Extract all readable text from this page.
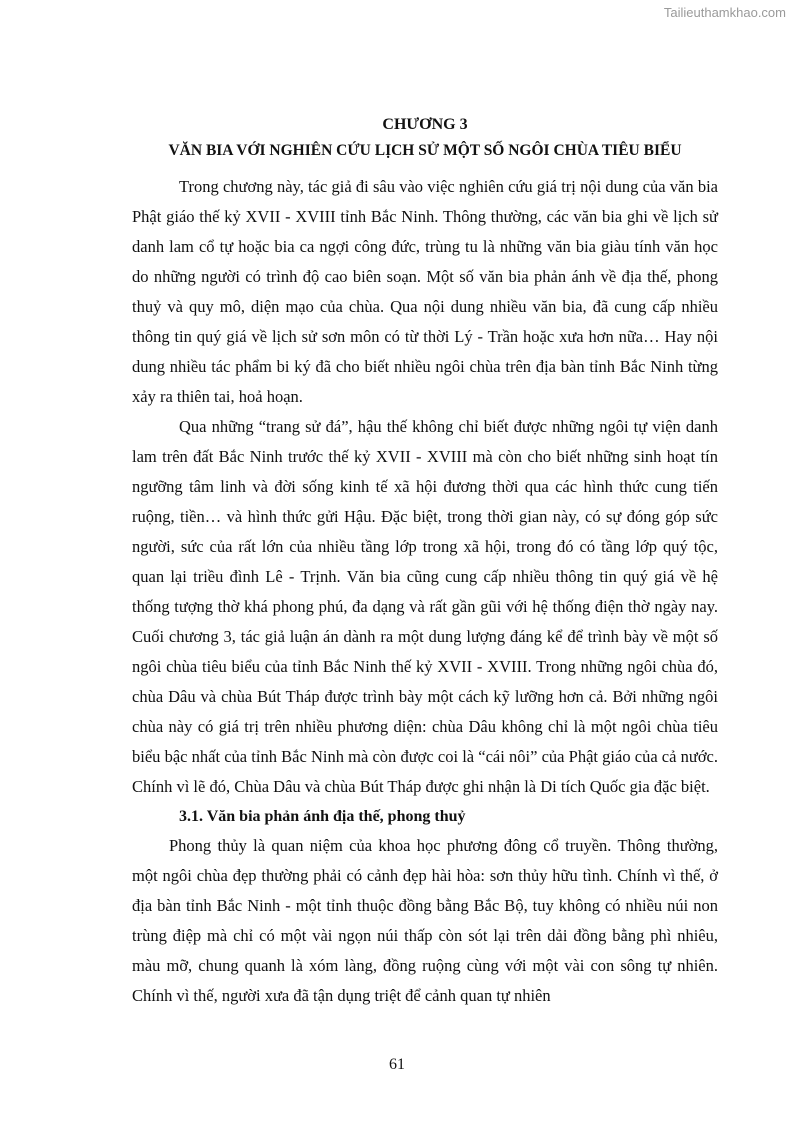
Tailieuthamkhao.com
CHƯƠNG 3
VĂN BIA VỚI NGHIÊN CỨU LỊCH SỬ MỘT SỐ NGÔI CHÙA TIÊU BIỂU

Trong chương này, tác giả đi sâu vào việc nghiên cứu giá trị nội dung của văn bia Phật giáo thế kỷ XVII - XVIII tỉnh Bắc Ninh. Thông thường, các văn bia ghi về lịch sử danh lam cổ tự hoặc bia ca ngợi công đức, trùng tu là những văn bia giàu tính văn học do những người có trình độ cao biên soạn. Một số văn bia phản ánh về địa thế, phong thuỷ và quy mô, diện mạo của chùa. Qua nội dung nhiều văn bia, đã cung cấp nhiều thông tin quý giá về lịch sử sơn môn có từ thời Lý - Trần hoặc xưa hơn nữa… Hay nội dung nhiều tác phẩm bi ký đã cho biết nhiều ngôi chùa trên địa bàn tỉnh Bắc Ninh từng xảy ra thiên tai, hoả hoạn.

Qua những “trang sử đá”, hậu thế không chỉ biết được những ngôi tự viện danh lam trên đất Bắc Ninh trước thế kỷ XVII - XVIII mà còn cho biết những sinh hoạt tín ngưỡng tâm linh và đời sống kinh tế xã hội đương thời qua các hình thức cung tiến ruộng, tiền… và hình thức gửi Hậu. Đặc biệt, trong thời gian này, có sự đóng góp sức người, sức của rất lớn của nhiều tầng lớp trong xã hội, trong đó có tầng lớp quý tộc, quan lại triều đình Lê - Trịnh. Văn bia cũng cung cấp nhiều thông tin quý giá về hệ thống tượng thờ khá phong phú, đa dạng và rất gần gũi với hệ thống điện thờ ngày nay. Cuối chương 3, tác giả luận án dành ra một dung lượng đáng kể để trình bày về một số ngôi chùa tiêu biểu của tỉnh Bắc Ninh thế kỷ XVII - XVIII. Trong những ngôi chùa đó, chùa Dâu và chùa Bút Tháp được trình bày một cách kỹ lưỡng hơn cả. Bởi những ngôi chùa này có giá trị trên nhiều phương diện: chùa Dâu không chỉ là một ngôi chùa tiêu biểu bậc nhất của tỉnh Bắc Ninh mà còn được coi là “cái nôi” của Phật giáo của cả nước. Chính vì lẽ đó, Chùa Dâu và chùa Bút Tháp được ghi nhận là Di tích Quốc gia đặc biệt.

3.1. Văn bia phản ánh địa thế, phong thuỷ

Phong thủy là quan niệm của khoa học phương đông cổ truyền. Thông thường, một ngôi chùa đẹp thường phải có cảnh đẹp hài hòa: sơn thủy hữu tình. Chính vì thế, ở địa bàn tỉnh Bắc Ninh - một tỉnh thuộc đồng bằng Bắc Bộ, tuy không có nhiều núi non trùng điệp mà chỉ có một vài ngọn núi thấp còn sót lại trên dải đồng bằng phì nhiêu, màu mỡ, chung quanh là xóm làng, đồng ruộng cùng với một vài con sông tự nhiên. Chính vì thế, người xưa đã tận dụng triệt để cảnh quan tự nhiên

61
